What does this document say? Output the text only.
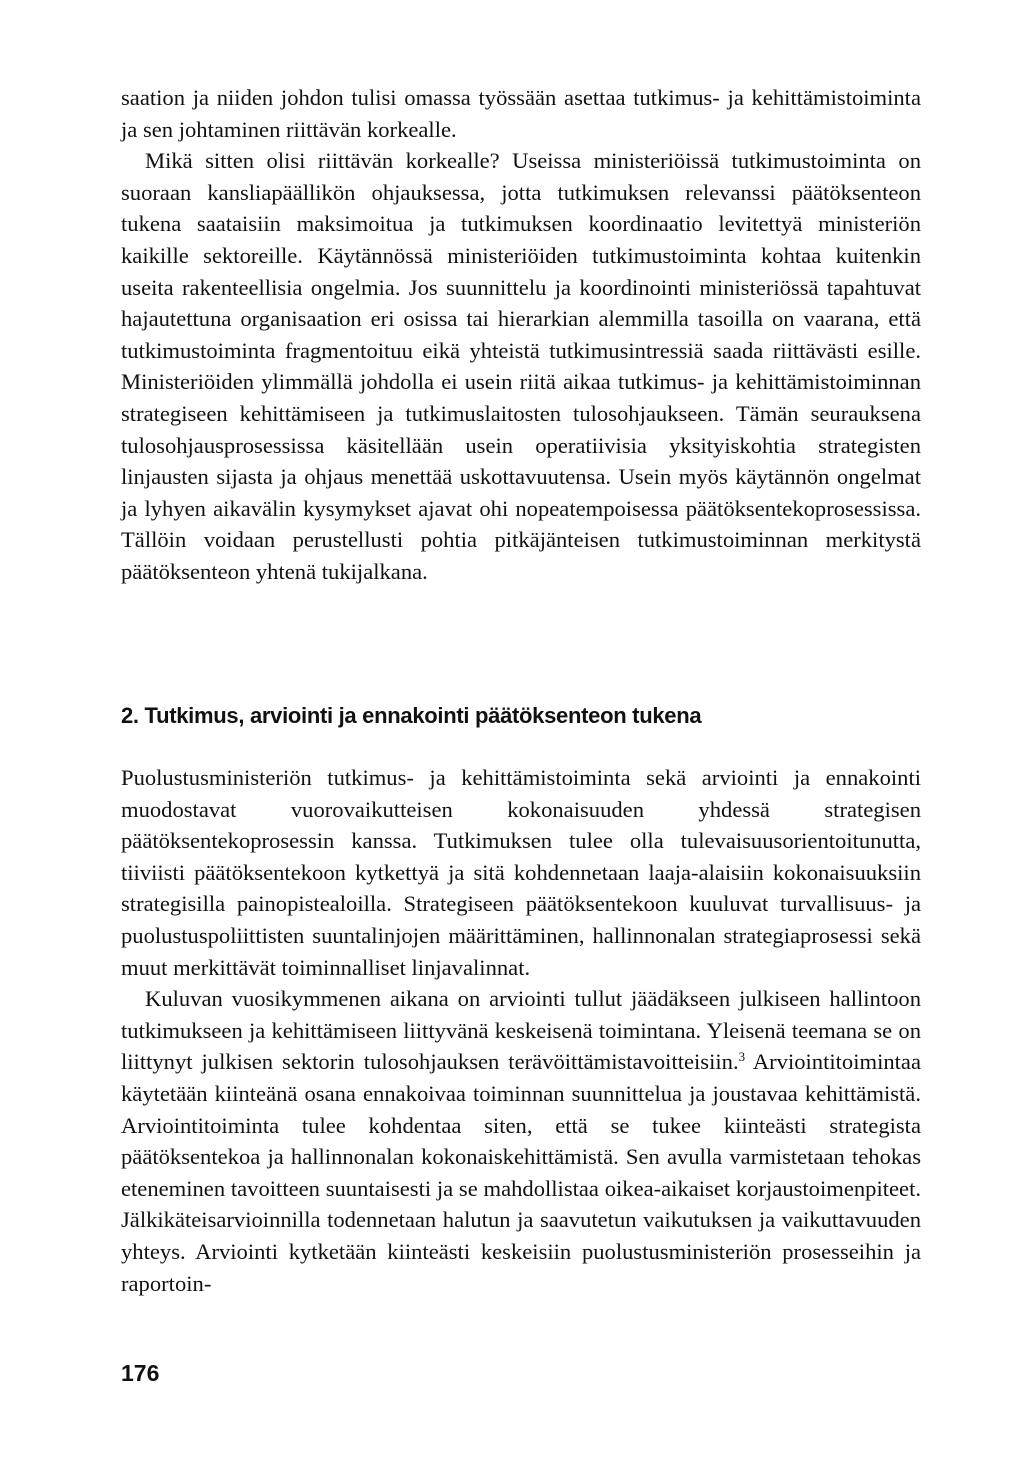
saation ja niiden johdon tulisi omassa työssään asettaa tutkimus- ja kehittämistoiminta ja sen johtaminen riittävän korkealle.

Mikä sitten olisi riittävän korkealle? Useissa ministeriöissä tutkimustoiminta on suoraan kansliapäällikön ohjauksessa, jotta tutkimuksen relevanssi päätöksenteon tukena saataisiin maksimoitua ja tutkimuksen koordinaatio levitettyä ministeriön kaikille sektoreille. Käytännössä ministeriöiden tutkimustoiminta kohtaa kuitenkin useita rakenteellisia ongelmia. Jos suunnittelu ja koordinointi ministeriössä tapahtuvat hajautettuna organisaation eri osissa tai hierarkian alemmilla tasoilla on vaarana, että tutkimustoiminta fragmentoituu eikä yhteistä tutkimusintressiä saada riittävästi esille. Ministeriöiden ylimmällä johdolla ei usein riitä aikaa tutkimus- ja kehittämistoiminnan strategiseen kehittämiseen ja tutkimuslaitosten tulosohjaukseen. Tämän seurauksena tulosohjausprosessissa käsitellään usein operatiivisia yksityiskohtia strategisten linjausten sijasta ja ohjaus menettää uskottavuutensa. Usein myös käytännön ongelmat ja lyhyen aikavälin kysymykset ajavat ohi nopeatempoisessa päätöksentekoprosessissa. Tällöin voidaan perustellusti pohtia pitkäjänteisen tutkimustoiminnan merkitystä päätöksenteon yhtenä tukijalkana.

2. Tutkimus, arviointi ja ennakointi päätöksenteon tukena

Puolustusministeriön tutkimus- ja kehittämistoiminta sekä arviointi ja ennakointi muodostavat vuorovaikutteisen kokonaisuuden yhdessä strategisen päätöksentekoprosessin kanssa. Tutkimuksen tulee olla tulevaisuusorientoitunutta, tiiviisti päätöksentekoon kytkettyä ja sitä kohdennetaan laaja-alaisiin kokonaisuuksiin strategisilla painopistealoilla. Strategiseen päätöksentekoon kuuluvat turvallisuus- ja puolustuspoliittisten suuntalinjojen määrittäminen, hallinnonalan strategiaprosessi sekä muut merkittävät toiminnalliset linjavalinnat.

Kuluvan vuosikymmenen aikana on arviointi tullut jäädäkseen julkiseen hallintoon tutkimukseen ja kehittämiseen liittyvänä keskeisenä toimintana. Yleisenä teemana se on liittynyt julkisen sektorin tulosohjauksen terävöittämistavoitteisiin.$^3$ Arviointitoimintaa käytetään kiinteänä osana ennakoivaa toiminnan suunnittelua ja joustavaa kehittämistä. Arviointitoiminta tulee kohdentaa siten, että se tukee kiinteästi strategista päätöksentekoa ja hallinnonalan kokonaiskehittämistä. Sen avulla varmistetaan tehokas eteneminen tavoitteen suuntaisesti ja se mahdollistaa oikea-aikaiset korjaustoimenpiteet. Jälkikäteisarvioinnilla todennetaan halutun ja saavutetun vaikutuksen ja vaikuttavuuden yhteys. Arviointi kytketään kiinteästi keskeisiin puolustusministeriön prosesseihin ja raportoin-

176
